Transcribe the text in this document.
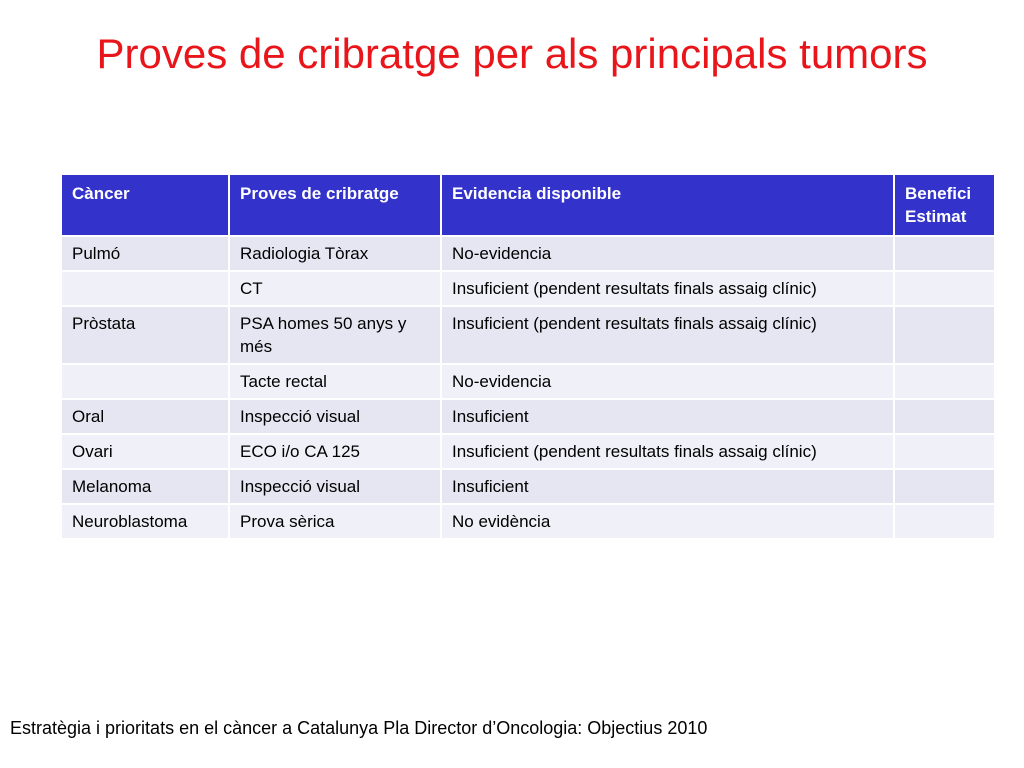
Proves de cribratge per als principals tumors
Càncer	Proves de cribratge	Evidencia disponible	Benefici Estimat
Pulmó	Radiologia Tòrax	No-evidencia	
	CT	Insuficient (pendent resultats finals assaig clínic)	
Pròstata	PSA homes 50 anys y més	Insuficient (pendent resultats finals assaig clínic)	
	Tacte rectal	No-evidencia	
Oral	Inspecció visual	Insuficient	
Ovari	ECO i/o CA 125	Insuficient (pendent resultats finals assaig clínic)	
Melanoma	Inspecció visual	Insuficient	
Neuroblastoma	Prova sèrica	No evidència	
Estratègia i prioritats en el càncer a Catalunya Pla Director d’Oncologia: Objectius 2010
